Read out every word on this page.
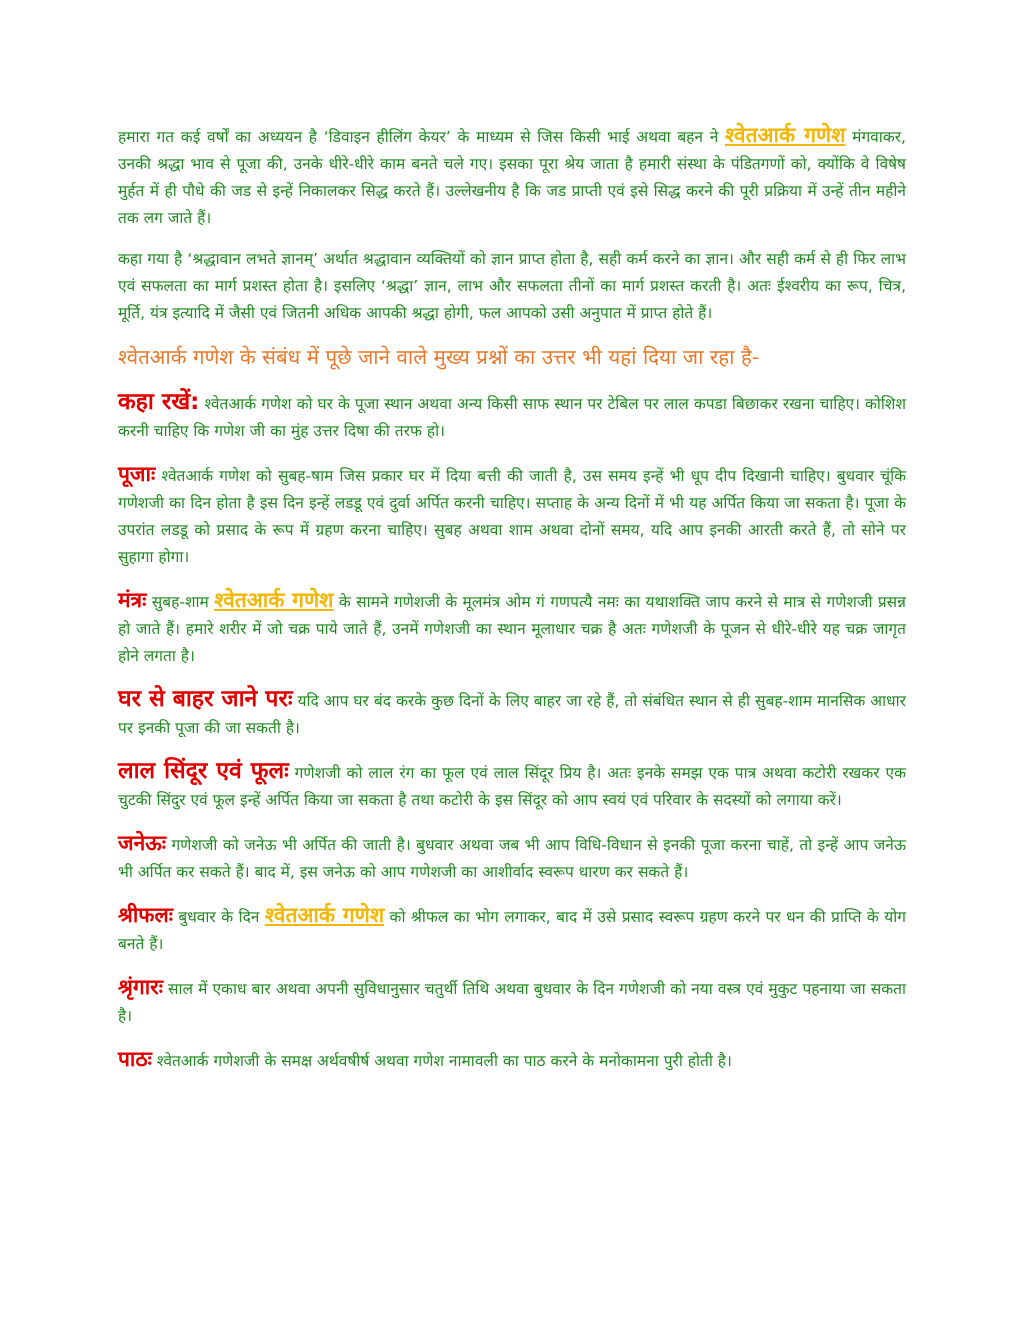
हमारा गत कई वर्षों का अध्ययन है ‘डिवाइन हीलिंग केयर’ के माध्यम से जिस किसी भाई अथवा बहन ने श्वेतआर्क गणेश मंगवाकर, उनकी श्रद्धा भाव से पूजा की, उनके धीरे-धीरे काम बनते चले गए। इसका पूरा श्रेय जाता है हमारी संस्था के पंडितगणों को, क्योंकि वे विषेष मुर्हत में ही पौधे की जड से इन्हें निकालकर सिद्ध करते हैं। उल्लेखनीय है कि जड प्राप्ती एवं इसे सिद्ध करने की पूरी प्रक्रिया में उन्हें तीन महीने तक लग जाते हैं।

कहा गया है ‘श्रद्धावान लभते ज्ञानम्’ अर्थात श्रद्धावान व्यक्तियों को ज्ञान प्राप्त होता है, सही कर्म करने का ज्ञान। और सही कर्म से ही फिर लाभ एवं सफलता का मार्ग प्रशस्त होता है। इसलिए ‘श्रद्धा’ ज्ञान, लाभ और सफलता तीनों का मार्ग प्रशस्त करती है। अतः ईश्वरीय का रूप, चित्र, मूर्ति, यंत्र इत्यादि में जैसी एवं जितनी अधिक आपकी श्रद्धा होगी, फल आपको उसी अनुपात में प्राप्त होते हैं।

श्वेतआर्क गणेश के संबंध में पूछे जाने वाले मुख्य प्रश्नों का उत्तर भी यहां दिया जा रहा है-

कहा रखें: श्वेतआर्क गणेश को घर के पूजा स्थान अथवा अन्य किसी साफ स्थान पर टेबिल पर लाल कपडा बिछाकर रखना चाहिए। कोशिश करनी चाहिए कि गणेश जी का मुंह उत्तर दिषा की तरफ हो।

पूजाः श्वेतआर्क गणेश को सुबह-षाम जिस प्रकार घर में दिया बत्ती की जाती है, उस समय इन्हें भी धूप दीप दिखानी चाहिए। बुधवार चूंकि गणेशजी का दिन होता है इस दिन इन्हें लडडू एवं दुर्वा अर्पित करनी चाहिए। सप्ताह के अन्य दिनों में भी यह अर्पित किया जा सकता है। पूजा के उपरांत लडडू को प्रसाद के रूप में ग्रहण करना चाहिए। सुबह अथवा शाम अथवा दोनों समय, यदि आप इनकी आरती करते हैं, तो सोने पर सुहागा होगा।

मंत्रः सुबह-शाम श्वेतआर्क गणेश के सामने गणेशजी के मूलमंत्र ओम गं गणपत्यै नमः का यथाशक्ति जाप करने से मात्र से गणेशजी प्रसन्न हो जाते हैं। हमारे शरीर में जो चक्र पाये जाते हैं, उनमें गणेशजी का स्थान मूलाधार चक्र है अतः गणेशजी के पूजन से धीरे-धीरे यह चक्र जागृत होने लगता है।

घर से बाहर जाने परः यदि आप घर बंद करके कुछ दिनों के लिए बाहर जा रहे हैं, तो संबंधित स्थान से ही सुबह-शाम मानसिक आधार पर इनकी पूजा की जा सकती है।

लाल सिंदूर एवं फूलः गणेशजी को लाल रंग का फूल एवं लाल सिंदूर प्रिय है। अतः इनके समझ एक पात्र अथवा कटोरी रखकर एक चुटकी सिंदुर एवं फूल इन्हें अर्पित किया जा सकता है तथा कटोरी के इस सिंदूर को आप स्वयं एवं परिवार के सदस्यों को लगाया करें।

जनेऊः गणेशजी को जनेऊ भी अर्पित की जाती है। बुधवार अथवा जब भी आप विधि-विधान से इनकी पूजा करना चाहें, तो इन्हें आप जनेऊ भी अर्पित कर सकते हैं। बाद में, इस जनेऊ को आप गणेशजी का आशीर्वाद स्वरूप धारण कर सकते हैं।

श्रीफलः बुधवार के दिन श्वेतआर्क गणेश को श्रीफल का भोग लगाकर, बाद में उसे प्रसाद स्वरूप ग्रहण करने पर धन की प्राप्ति के योग बनते हैं।

श्रृंगारः साल में एकाध बार अथवा अपनी सुविधानुसार चतुर्थी तिथि अथवा बुधवार के दिन गणेशजी को नया वस्त्र एवं मुकुट पहनाया जा सकता है।

पाठः श्वेतआर्क गणेशजी के समक्ष अर्थवषीर्ष अथवा गणेश नामावली का पाठ करने के मनोकामना पुरी होती है।
